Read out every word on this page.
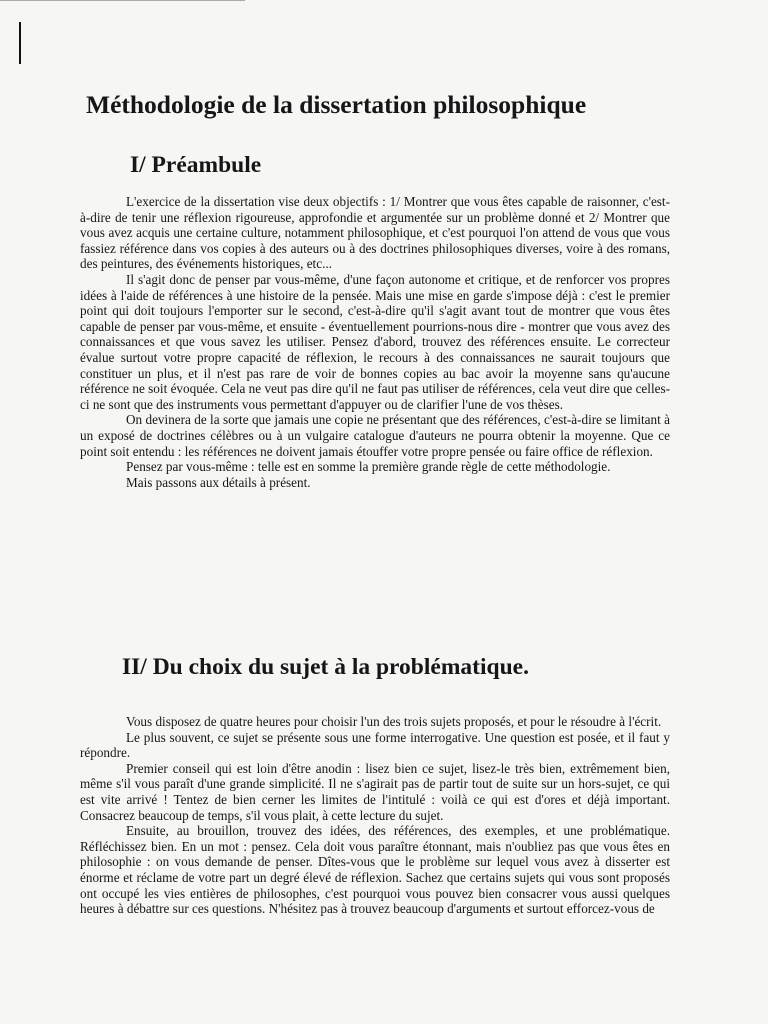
Méthodologie de la dissertation philosophique
I/ Préambule

L'exercice de la dissertation vise deux objectifs : 1/ Montrer que vous êtes capable de raisonner, c'est-à-dire de tenir une réflexion rigoureuse, approfondie et argumentée sur un problème donné et 2/ Montrer que vous avez acquis une certaine culture, notamment philosophique, et c'est pourquoi l'on attend de vous que vous fassiez référence dans vos copies à des auteurs ou à des doctrines philosophiques diverses, voire à des romans, des peintures, des événements historiques, etc...

Il s'agit donc de penser par vous-même, d'une façon autonome et critique, et de renforcer vos propres idées à l'aide de références à une histoire de la pensée. Mais une mise en garde s'impose déjà : c'est le premier point qui doit toujours l'emporter sur le second, c'est-à-dire qu'il s'agit avant tout de montrer que vous êtes capable de penser par vous-même, et ensuite - éventuellement pourrions-nous dire - montrer que vous avez des connaissances et que vous savez les utiliser. Pensez d'abord, trouvez des références ensuite. Le correcteur évalue surtout votre propre capacité de réflexion, le recours à des connaissances ne saurait toujours que constituer un plus, et il n'est pas rare de voir de bonnes copies au bac avoir la moyenne sans qu'aucune référence ne soit évoquée. Cela ne veut pas dire qu'il ne faut pas utiliser de références, cela veut dire que celles-ci ne sont que des instruments vous permettant d'appuyer ou de clarifier l'une de vos thèses.

On devinera de la sorte que jamais une copie ne présentant que des références, c'est-à-dire se limitant à un exposé de doctrines célèbres ou à un vulgaire catalogue d'auteurs ne pourra obtenir la moyenne. Que ce point soit entendu : les références ne doivent jamais étouffer votre propre pensée ou faire office de réflexion.

Pensez par vous-même : telle est en somme la première grande règle de cette méthodologie.

Mais passons aux détails à présent.

II/ Du choix du sujet à la problématique.

Vous disposez de quatre heures pour choisir l'un des trois sujets proposés, et pour le résoudre à l'écrit.

Le plus souvent, ce sujet se présente sous une forme interrogative. Une question est posée, et il faut y répondre.

Premier conseil qui est loin d'être anodin : lisez bien ce sujet, lisez-le très bien, extrêmement bien, même s'il vous paraît d'une grande simplicité. Il ne s'agirait pas de partir tout de suite sur un hors-sujet, ce qui est vite arrivé ! Tentez de bien cerner les limites de l'intitulé : voilà ce qui est d'ores et déjà important. Consacrez beaucoup de temps, s'il vous plait, à cette lecture du sujet.

Ensuite, au brouillon, trouvez des idées, des références, des exemples, et une problématique. Réfléchissez bien. En un mot : pensez. Cela doit vous paraître étonnant, mais n'oubliez pas que vous êtes en philosophie : on vous demande de penser. Dîtes-vous que le problème sur lequel vous avez à disserter est énorme et réclame de votre part un degré élevé de réflexion. Sachez que certains sujets qui vous sont proposés ont occupé les vies entières de philosophes, c'est pourquoi vous pouvez bien consacrer vous aussi quelques heures à débattre sur ces questions. N'hésitez pas à trouvez beaucoup d'arguments et surtout efforcez-vous de
